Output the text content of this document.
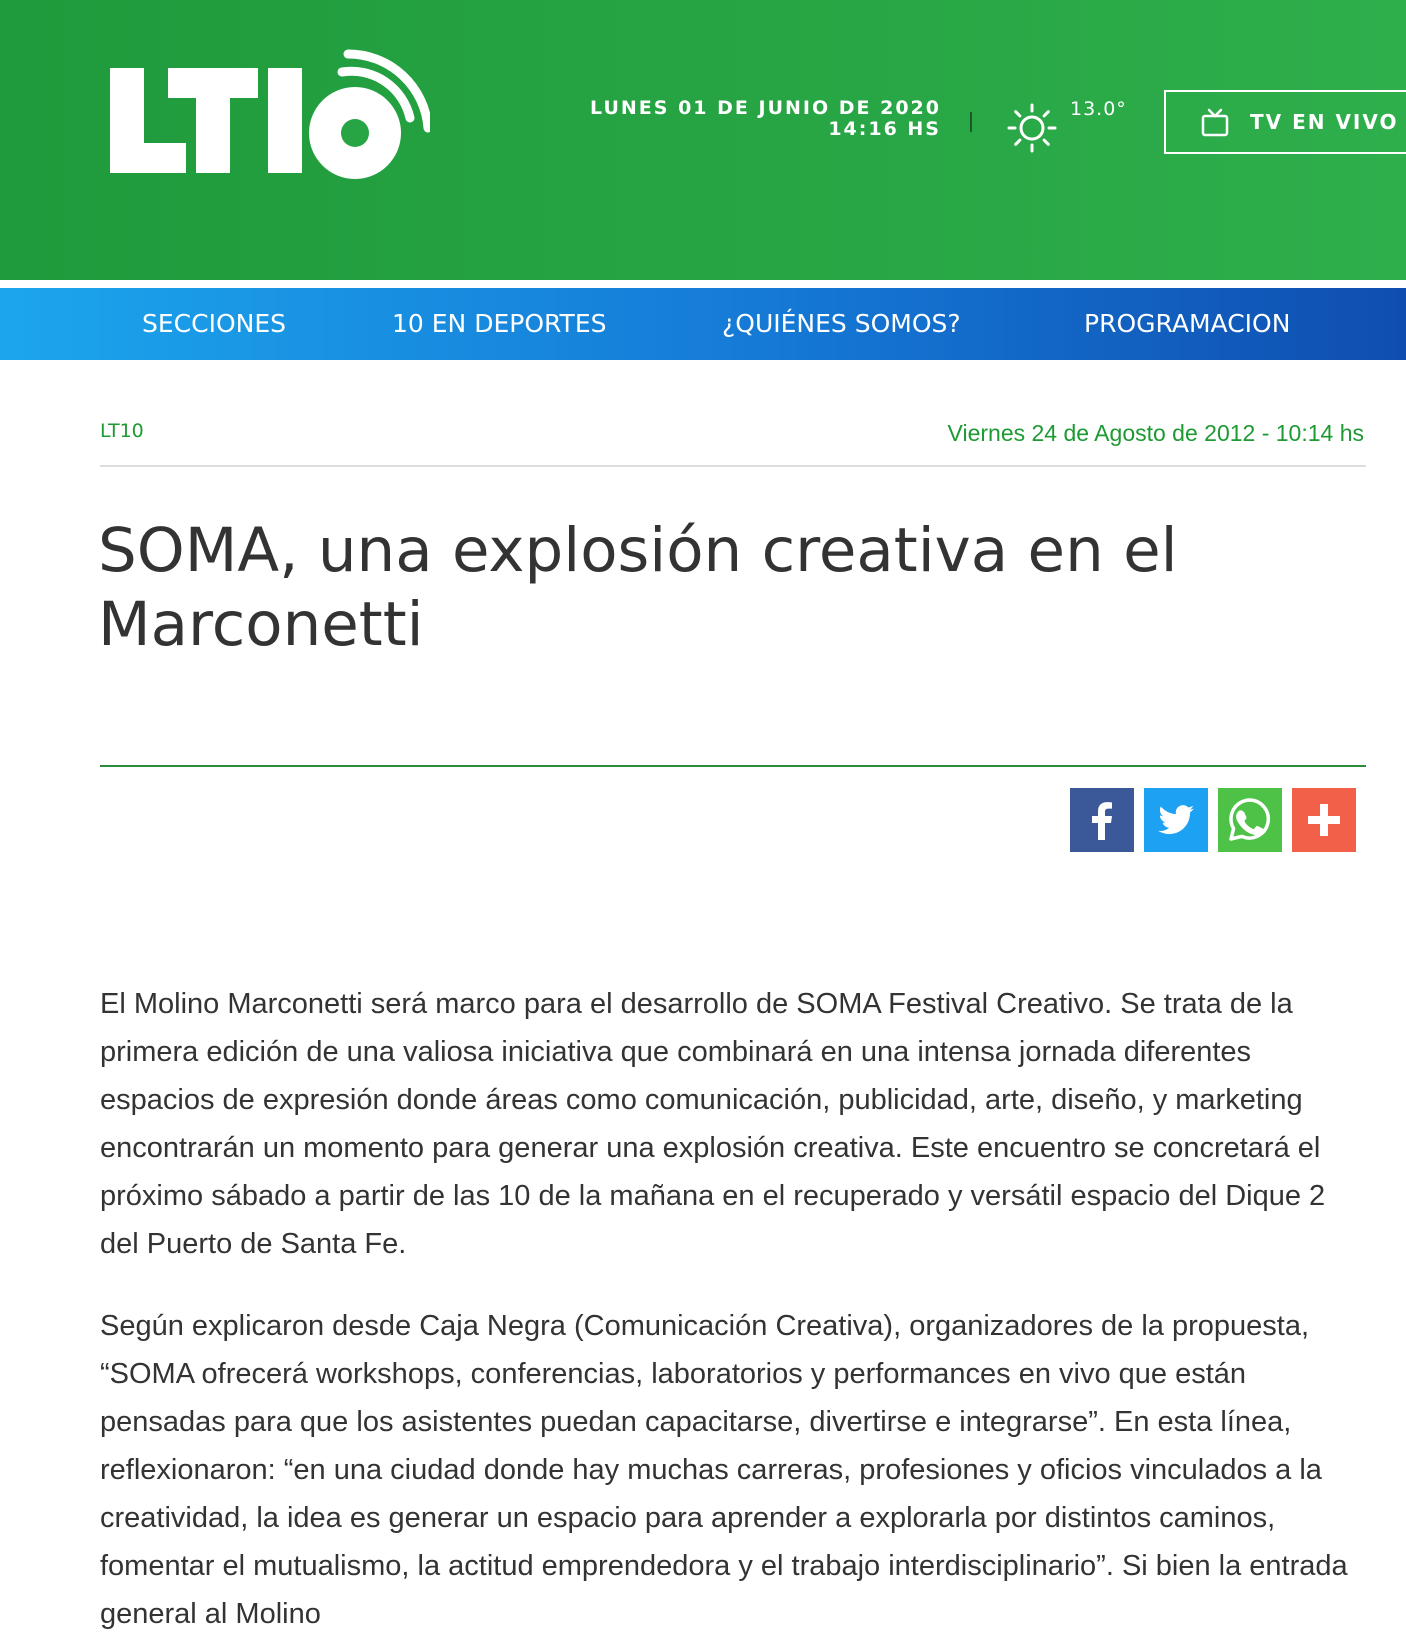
LUNES 01 DE JUNIO DE 2020
14:16 HS
13.0°
TV EN VIVO
SECCIONES	10 EN DEPORTES	¿QUIÉNES SOMOS?	PROGRAMACION
LT10	Viernes 24 de Agosto de 2012 - 10:14 hs
SOMA, una explosión creativa en el Marconetti

El Molino Marconetti será marco para el desarrollo de SOMA Festival Creativo. Se trata de la primera edición de una valiosa iniciativa que combinará en una intensa jornada diferentes espacios de expresión donde áreas como comunicación, publicidad, arte, diseño, y marketing encontrarán un momento para generar una explosión creativa. Este encuentro se concretará el próximo sábado a partir de las 10 de la mañana en el recuperado y versátil espacio del Dique 2 del Puerto de Santa Fe.

Según explicaron desde Caja Negra (Comunicación Creativa), organizadores de la propuesta, “SOMA ofrecerá workshops, conferencias, laboratorios y performances en vivo que están pensadas para que los asistentes puedan capacitarse, divertirse e integrarse”. En esta línea, reflexionaron: “en una ciudad donde hay muchas carreras, profesiones y oficios vinculados a la creatividad, la idea es generar un espacio para aprender a explorarla por distintos caminos, fomentar el mutualismo, la actitud emprendedora y el trabajo interdisciplinario”. Si bien la entrada general al Molino
